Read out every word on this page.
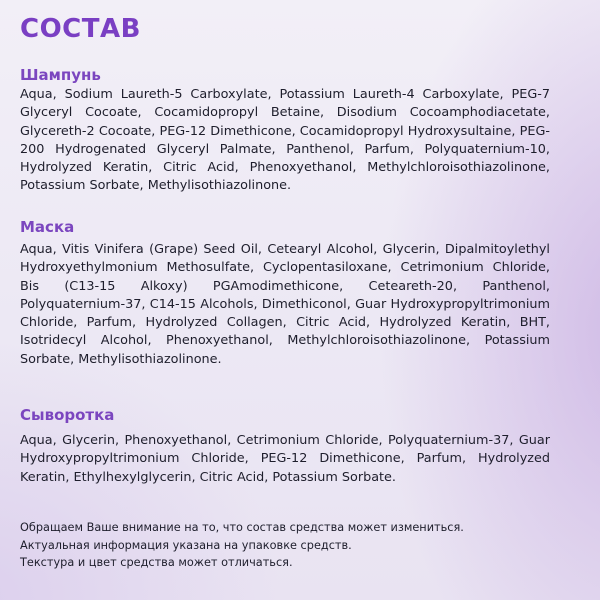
СОСТАВ
Шампунь

Aqua, Sodium Laureth-5 Carboxylate, Potassium Laureth-4 Carboxylate, PEG-7 Glyceryl Cocoate, Cocamidopropyl Betaine, Disodium Cocoamphodiacetate, Glycereth-2 Cocoate, PEG-12 Dimethicone, Cocamidopropyl Hydroxysultaine, PEG-200 Hydrogenated Glyceryl Palmate, Panthenol, Parfum, Polyquaternium-10, Hydrolyzed Keratin, Citric Acid, Phenoxyethanol, Methylchloroisothiazolinone, Potassium Sorbate, Methylisothiazolinone.

Маска

Aqua, Vitis Vinifera (Grape) Seed Oil, Cetearyl Alcohol, Glycerin, Dipalmitoylethyl Hydroxyethylmonium Methosulfate, Cyclopentasiloxane, Cetrimonium Chloride, Bis (C13-15 Alkoxy) PGAmodimethicone, Ceteareth-20, Panthenol, Polyquaternium-37, C14-15 Alcohols, Dimethiconol, Guar Hydroxypropyltrimonium Chloride, Parfum, Hydrolyzed Collagen, Citric Acid, Hydrolyzed Keratin, BHT, Isotridecyl Alcohol, Phenoxyethanol, Methylchloroisothiazolinone, Potassium Sorbate, Methylisothiazolinone.

Сыворотка

Aqua, Glycerin, Phenoxyethanol, Cetrimonium Chloride, Polyquaternium-37, Guar Hydroxypropyltrimonium Chloride, PEG-12 Dimethicone, Parfum, Hydrolyzed Keratin, Ethylhexylglycerin, Citric Acid, Potassium Sorbate.

Обращаем Ваше внимание на то, что состав средства может измениться.

Актуальная информация указана на упаковке средств.

Текстура и цвет средства может отличаться.
